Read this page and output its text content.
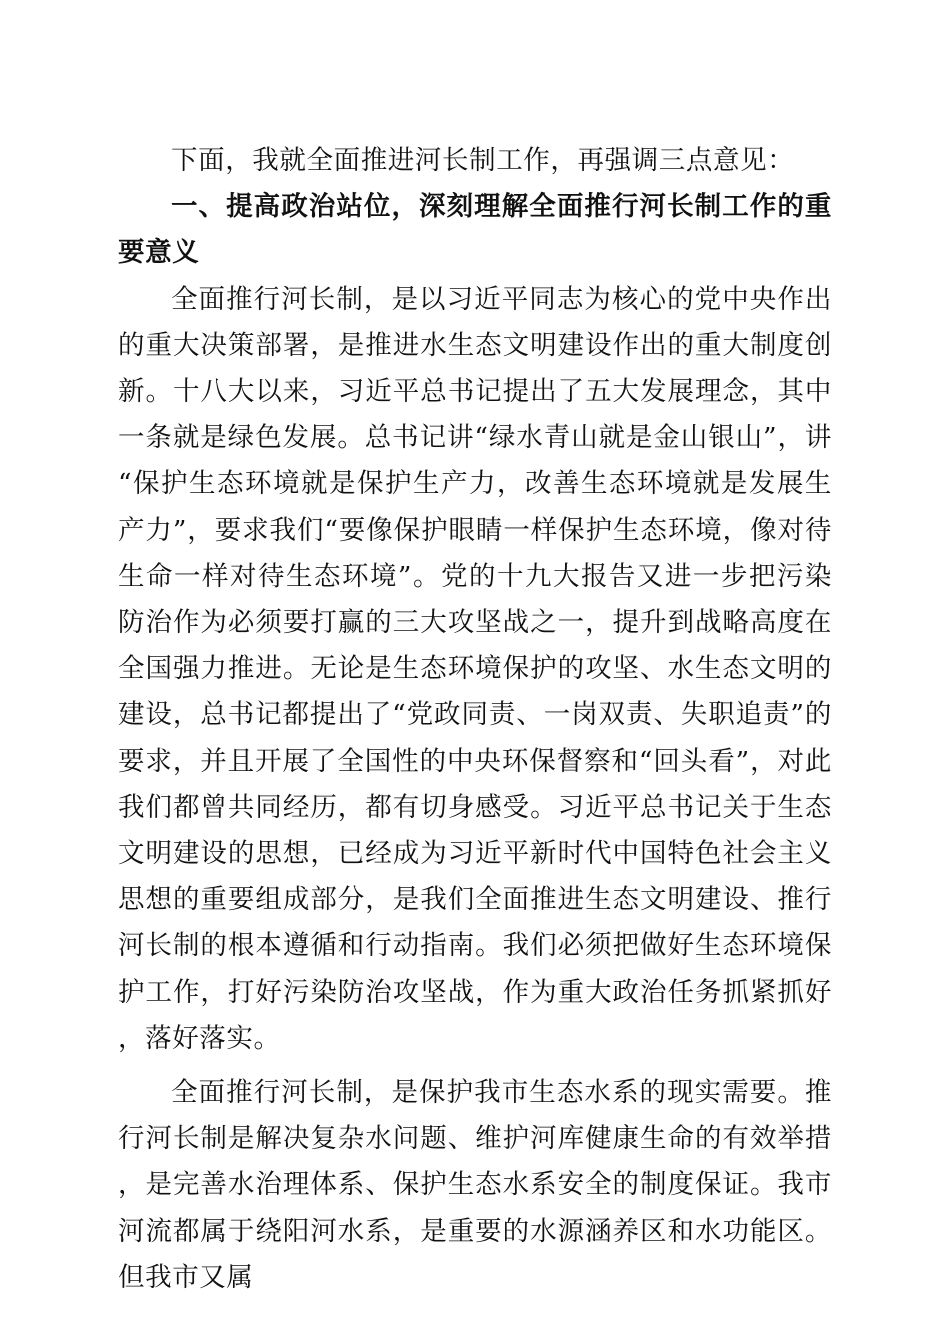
下面，我就全面推进河长制工作，再强调三点意见：

一、提高政治站位，深刻理解全面推行河长制工作的重要意义

全面推行河长制，是以习近平同志为核心的党中央作出的重大决策部署，是推进水生态文明建设作出的重大制度创新。十八大以来，习近平总书记提出了五大发展理念，其中一条就是绿色发展。总书记讲“绿水青山就是金山银山”，讲“保护生态环境就是保护生产力，改善生态环境就是发展生产力”，要求我们“要像保护眼睛一样保护生态环境，像对待生命一样对待生态环境”。党的十九大报告又进一步把污染防治作为必须要打赢的三大攻坚战之一，提升到战略高度在全国强力推进。无论是生态环境保护的攻坚、水生态文明的建设，总书记都提出了“党政同责、一岗双责、失职追责”的要求，并且开展了全国性的中央环保督察和“回头看”，对此我们都曾共同经历，都有切身感受。习近平总书记关于生态文明建设的思想，已经成为习近平新时代中国特色社会主义思想的重要组成部分，是我们全面推进生态文明建设、推行河长制的根本遵循和行动指南。我们必须把做好生态环境保护工作，打好污染防治攻坚战，作为重大政治任务抓紧抓好，落好落实。

全面推行河长制，是保护我市生态水系的现实需要。推行河长制是解决复杂水问题、维护河库健康生命的有效举措，是完善水治理体系、保护生态水系安全的制度保证。我市河流都属于绕阳河水系，是重要的水源涵养区和水功能区。但我市又属
